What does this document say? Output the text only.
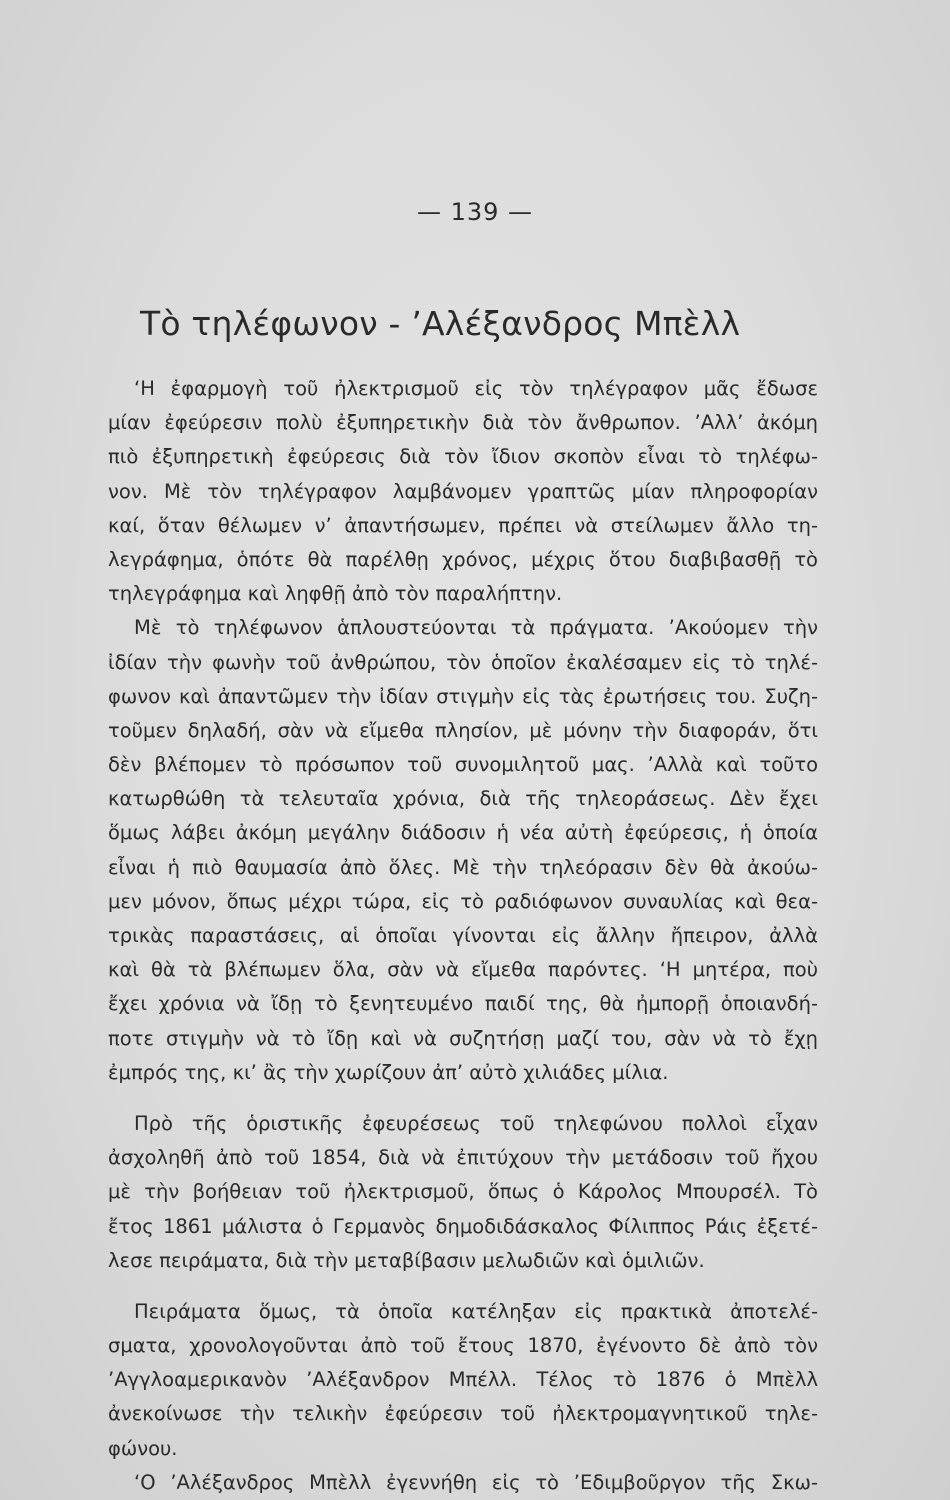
— 139 —
Τὸ τηλέφωνον - ’Αλέξανδρος Μπὲλλ
‘Η ἐφαρμογὴ τοῦ ἠλεκτρισμοῦ εἰς τὸν τηλέγραφον μᾶς ἔδωσε
μίαν ἐφεύρεσιν πολὺ ἐξυπηρετικὴν διὰ τὸν ἄνθρωπον. ’Αλλ’ ἀκόμη
πιὸ ἐξυπηρετικὴ ἐφεύρεσις διὰ τὸν ἴδιον σκοπὸν εἶναι τὸ τηλέφω-
νον. Μὲ τὸν τηλέγραφον λαμβάνομεν γραπτῶς μίαν πληροφορίαν
καί, ὅταν θέλωμεν ν’ ἀπαντήσωμεν, πρέπει νὰ στείλωμεν ἄλλο τη-
λεγράφημα, ὁπότε θὰ παρέλθῃ χρόνος, μέχρις ὅτου διαβιβασθῇ τὸ
τηλεγράφημα καὶ ληφθῇ ἀπὸ τὸν παραλήπτην.
Μὲ τὸ τηλέφωνον ἁπλουστεύονται τὰ πράγματα. ’Ακούομεν τὴν
ἰδίαν τὴν φωνὴν τοῦ ἀνθρώπου, τὸν ὁποῖον ἐκαλέσαμεν εἰς τὸ τηλέ-
φωνον καὶ ἀπαντῶμεν τὴν ἰδίαν στιγμὴν εἰς τὰς ἐρωτήσεις του. Συζη-
τοῦμεν δηλαδή, σὰν νὰ εἴμεθα πλησίον, μὲ μόνην τὴν διαφοράν, ὅτι
δὲν βλέπομεν τὸ πρόσωπον τοῦ συνομιλητοῦ μας. ’Αλλὰ καὶ τοῦτο
κατωρθώθη τὰ τελευταῖα χρόνια, διὰ τῆς τηλεοράσεως. Δὲν ἔχει
ὅμως λάβει ἀκόμη μεγάλην διάδοσιν ἡ νέα αὐτὴ ἐφεύρεσις, ἡ ὁποία
εἶναι ἡ πιὸ θαυμασία ἀπὸ ὅλες. Μὲ τὴν τηλεόρασιν δὲν θὰ ἀκούω-
μεν μόνον, ὅπως μέχρι τώρα, εἰς τὸ ραδιόφωνον συναυλίας καὶ θεα-
τρικὰς παραστάσεις, αἱ ὁποῖαι γίνονται εἰς ἄλλην ἤπειρον, ἀλλὰ
καὶ θὰ τὰ βλέπωμεν ὅλα, σὰν νὰ εἴμεθα παρόντες. ‘Η μητέρα, ποὺ
ἔχει χρόνια νὰ ἴδῃ τὸ ξενητευμένο παιδί της, θὰ ἠμπορῇ ὁποιανδή-
ποτε στιγμὴν νὰ τὸ ἴδῃ καὶ νὰ συζητήσῃ μαζί του, σὰν νὰ τὸ ἔχῃ
ἐμπρός της, κι’ ἂς τὴν χωρίζουν ἀπ’ αὐτὸ χιλιάδες μίλια.
Πρὸ τῆς ὁριστικῆς ἐφευρέσεως τοῦ τηλεφώνου πολλοὶ εἶχαν
ἀσχοληθῆ ἀπὸ τοῦ 1854, διὰ νὰ ἐπιτύχουν τὴν μετάδοσιν τοῦ ἤχου
μὲ τὴν βοήθειαν τοῦ ἠλεκτρισμοῦ, ὅπως ὁ Κάρολος Μπουρσέλ. Τὸ
ἔτος 1861 μάλιστα ὁ Γερμανὸς δημοδιδάσκαλος Φίλιππος Ράις ἐξετέ-
λεσε πειράματα, διὰ τὴν μεταβίβασιν μελωδιῶν καὶ ὁμιλιῶν.
Πειράματα ὅμως, τὰ ὁποῖα κατέληξαν εἰς πρακτικὰ ἀποτελέ-
σματα, χρονολογοῦνται ἀπὸ τοῦ ἔτους 1870, ἐγένοντο δὲ ἀπὸ τὸν
’Αγγλοαμερικανὸν ’Αλέξανδρον Μπέλλ. Τέλος τὸ 1876 ὁ Μπὲλλ
ἀνεκοίνωσε τὴν τελικὴν ἐφεύρεσιν τοῦ ἠλεκτρομαγνητικοῦ τηλε-
φώνου.
‘Ο ’Αλέξανδρος Μπὲλλ ἐγεννήθη εἰς τὸ ’Εδιμβοῦργον τῆς Σκω-
